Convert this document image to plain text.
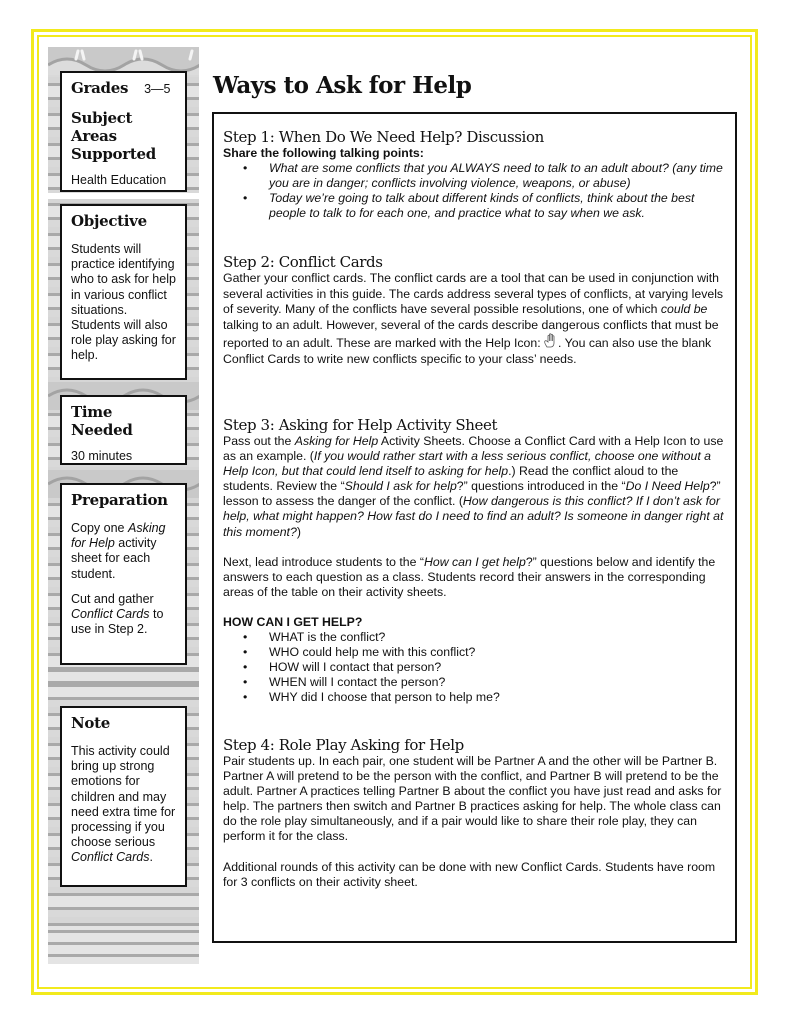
Grades 3—5
Subject Areas Supported

Health Education

Objective

Students will practice identifying who to ask for help in various conflict situations. Students will also role play asking for help.

Time Needed

30 minutes

Preparation

Copy one Asking for Help activity sheet for each student.

Cut and gather Conflict Cards to use in Step 2.

Note

This activity could bring up strong emotions for children and may need extra time for processing if you choose serious Conflict Cards.

Ways to Ask for Help
Step 1: When Do We Need Help? Discussion

Share the following talking points:

• What are some conflicts that you ALWAYS need to talk to an adult about? (any time you are in danger; conflicts involving violence, weapons, or abuse)
• Today we’re going to talk about different kinds of conflicts, think about the best people to talk to for each one, and practice what to say when we ask.
Step 2: Conflict Cards

Gather your conflict cards. The conflict cards are a tool that can be used in conjunction with several activities in this guide. The cards address several types of conflicts, at varying levels of severity. Many of the conflicts have several possible resolutions, one of which could be talking to an adult. However, several of the cards describe dangerous conflicts that must be reported to an adult. These are marked with the Help Icon: . You can also use the blank Conflict Cards to write new conflicts specific to your class’ needs.

Step 3: Asking for Help Activity Sheet

Pass out the Asking for Help Activity Sheets. Choose a Conflict Card with a Help Icon to use as an example. (If you would rather start with a less serious conflict, choose one without a Help Icon, but that could lend itself to asking for help.) Read the conflict aloud to the students. Review the “Should I ask for help?” questions introduced in the “Do I Need Help?” lesson to assess the danger of the conflict. (How dangerous is this conflict? If I don’t ask for help, what might happen? How fast do I need to find an adult? Is someone in danger right at this moment?)

Next, lead introduce students to the “How can I get help?” questions below and identify the answers to each question as a class. Students record their answers in the corresponding areas of the table on their activity sheets.

HOW CAN I GET HELP?

• WHAT is the conflict?
• WHO could help me with this conflict?
• HOW will I contact that person?
• WHEN will I contact the person?
• WHY did I choose that person to help me?
Step 4: Role Play Asking for Help

Pair students up. In each pair, one student will be Partner A and the other will be Partner B. Partner A will pretend to be the person with the conflict, and Partner B will pretend to be the adult. Partner A practices telling Partner B about the conflict you have just read and asks for help. The partners then switch and Partner B practices asking for help. The whole class can do the role play simultaneously, and if a pair would like to share their role play, they can perform it for the class.

Additional rounds of this activity can be done with new Conflict Cards. Students have room for 3 conflicts on their activity sheet.
